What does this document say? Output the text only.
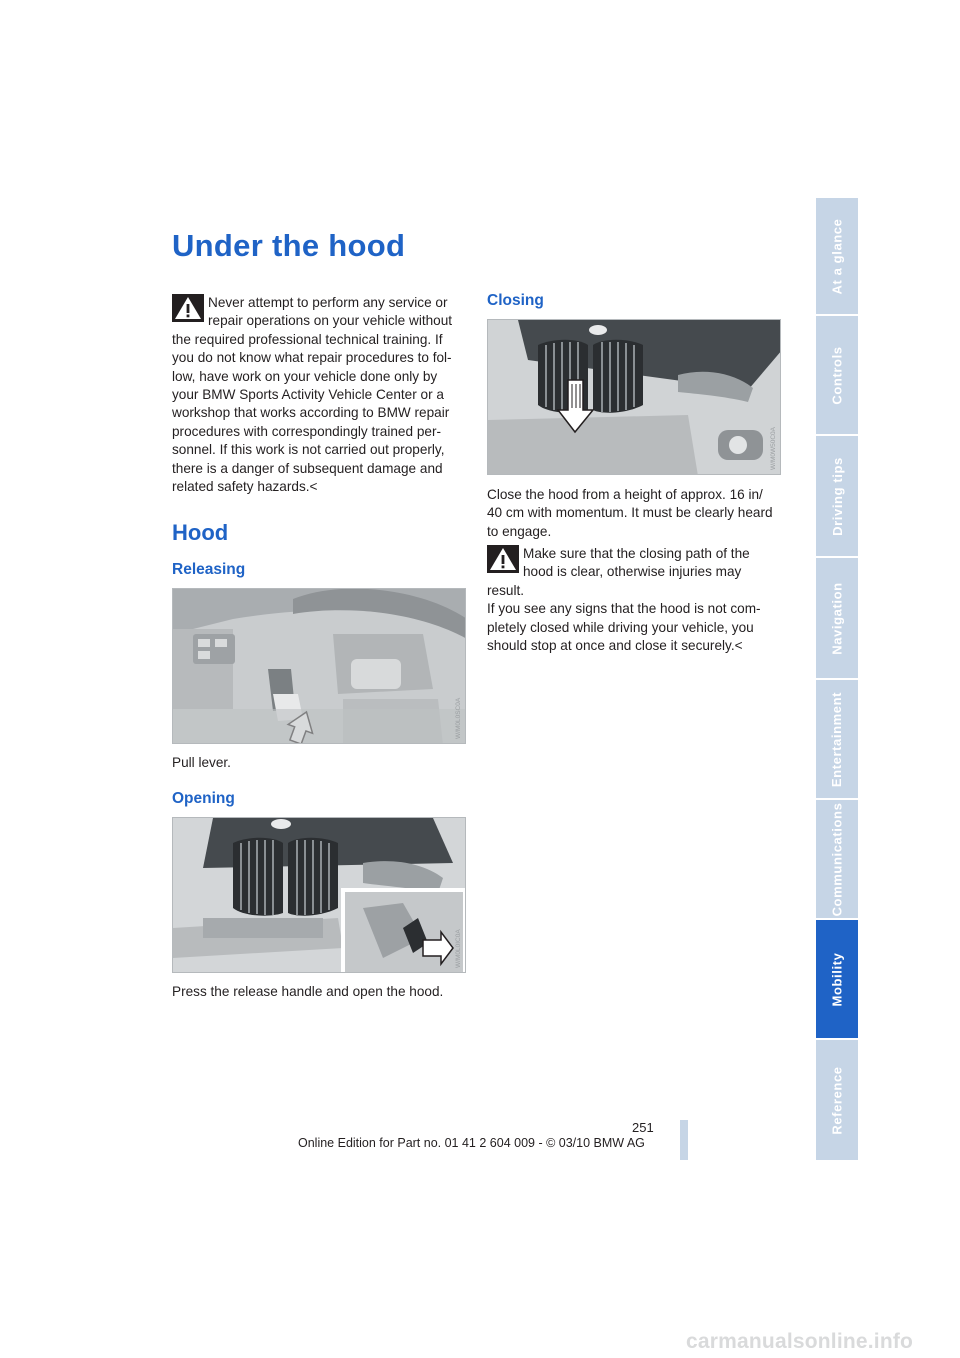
Under the hood
Never attempt to perform any service or
repair operations on your vehicle without
the required professional technical training. If
you do not know what repair procedures to fol-
low, have work on your vehicle done only by
your BMW Sports Activity Vehicle Center or a
workshop that works according to BMW repair
procedures with correspondingly trained per-
sonnel. If this work is not carried out properly,
there is a danger of subsequent damage and
related safety hazards.<
Hood
Releasing
W/M0L0SC0A
Pull lever.
Opening
W/M0L0IC0A
Press the release handle and open the hood.
Closing
W/M0W50C0A
Close the hood from a height of approx. 16 in/
40 cm with momentum. It must be clearly heard
to engage.
Make sure that the closing path of the
hood is clear, otherwise injuries may
result.
If you see any signs that the hood is not com-
pletely closed while driving your vehicle, you
should stop at once and close it securely.<
At a glance
Controls
Driving tips
Navigation
Entertainment
Communications
Mobility
Reference
251
Online Edition for Part no. 01 41 2 604 009 - © 03/10 BMW AG
carmanualsonline.info
